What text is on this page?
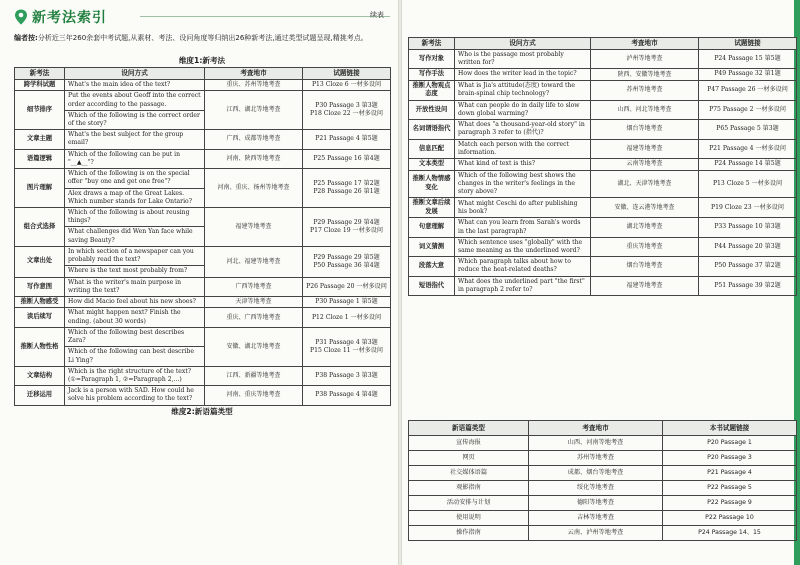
新考法索引
编者按:分析近三年260余套中考试题,从素材、考法、设问角度等归纳出26种新考法,通过类型试题呈现,精挑考点。
维度1:新考法
续表
新考法	设问方式	考查地市	试题链接
跨学科试题	What's the main idea of the text?	重庆、苏州等地考查	P13 Cloze 6 一材多设问
细节排序	Put the events about Geoff into the correct order according to the passage.
Which of the following is the correct order of the story?	江西、湖北等地考查	P30 Passage 3 第3题
P18 Cloze 22 一材多设问

文章主题	What's the best subject for the group email?	广西、成都等地考查	P21 Passage 4 第5题
语篇逻辑	Which of the following can be put in "__▲__"?	河南、陕西等地考查	P25 Passage 16 第4题
图片理解	Which of the following is on the special offer "buy one and get one free"?
Alex draws a map of the Great Lakes. Which number stands for Lake Ontario?	河南、重庆、扬州等地考查	P25 Passage 17 第2题
P28 Passage 26 第1题

组合式选择	Which of the following is about reusing things?
What challenges did Wen Yan face while saving Beauty?	福建等地考查	P29 Passage 29 第4题
P17 Cloze 19 一材多设问

文章出处	In which section of a newspaper can you probably read the text?
Where is the text most probably from?	河北、福建等地考查	P29 Passage 29 第5题
P50 Passage 36 第4题

写作意图	What is the writer's main purpose in writing the text?	广西等地考查	P26 Passage 20 一材多设问
推断人物感受	How did Macio feel about his new shoes?	天津等地考查	P30 Passage 1 第5题
读后续写	What might happen next? Finish the ending. (about 30 words)	重庆、广西等地考查	P12 Cloze 1 一材多设问
推断人物性格	Which of the following best describes Zara?
Which of the following can best describe Li Ying?	安徽、湖北等地考查	P31 Passage 4 第3题
P15 Cloze 11 一材多设问

文章结构	Which is the right structure of the text? (①=Paragraph 1, ②=Paragraph 2,...)	江西、新疆等地考查	P38 Passage 3 第3题
迁移运用	Jack is a person with SAD. How could he solve his problem according to the text?	河南、重庆等地考查	P38 Passage 4 第4题
新考法	设问方式	考查地市	试题链接
写作对象	Who is the passage most probably written for?	泸州等地考查	P24 Passage 15 第5题
写作手法	How does the writer lead in the topic?	陕西、安徽等地考查	P49 Passage 32 第1题
推断人物观点态度	What is Jia's attitude(态度) toward the brain-spinal chip technology?	苏州等地考查	P47 Passage 26 一材多设问
开放性设问	What can people do in daily life to slow down global warming?	山西、河北等地考查	P75 Passage 2 一材多设问
名词谓语指代	What does "a thousand-year-old story" in paragraph 3 refer to (指代)?	烟台等地考查	P65 Passage 5 第3题
信息匹配	Match each person with the correct information.	福建等地考查	P21 Passage 4 一材多设问
文本类型	What kind of text is this?	云南等地考查	P24 Passage 14 第5题
推断人物情感变化	Which of the following best shows the changes in the writer's feelings in the story above?	湖北、天津等地考查	P13 Cloze 5 一材多设问
推断文章后续发展	What might Ceschi do after publishing his book?	安徽、连云港等地考查	P19 Cloze 23 一材多设问
句意理解	What can you learn from Sarah's words in the last paragraph?	湖北等地考查	P33 Passage 10 第3题
词义猜测	Which sentence uses "globally" with the same meaning as the underlined word?	重庆等地考查	P44 Passage 20 第3题
段落大意	Which paragraph talks about how to reduce the heat-related deaths?	烟台等地考查	P50 Passage 37 第2题
短语指代	What does the underlined part "the first" in paragraph 2 refer to?	福建等地考查	P51 Passage 39 第2题
维度2:新语篇类型
新语篇类型	考查地市	本书试题链接
宣传海报	山西、河南等地考查	P20 Passage 1
网页	苏州等地考查	P20 Passage 3
社交媒体语篇	成都、烟台等地考查	P21 Passage 4
观影指南	绥化等地考查	P22 Passage 5
活动安排与计划	德阳等地考查	P22 Passage 9
使用说明	吉林等地考查	P22 Passage 10
操作指南	云南、泸州等地考查	P24 Passage 14、15
